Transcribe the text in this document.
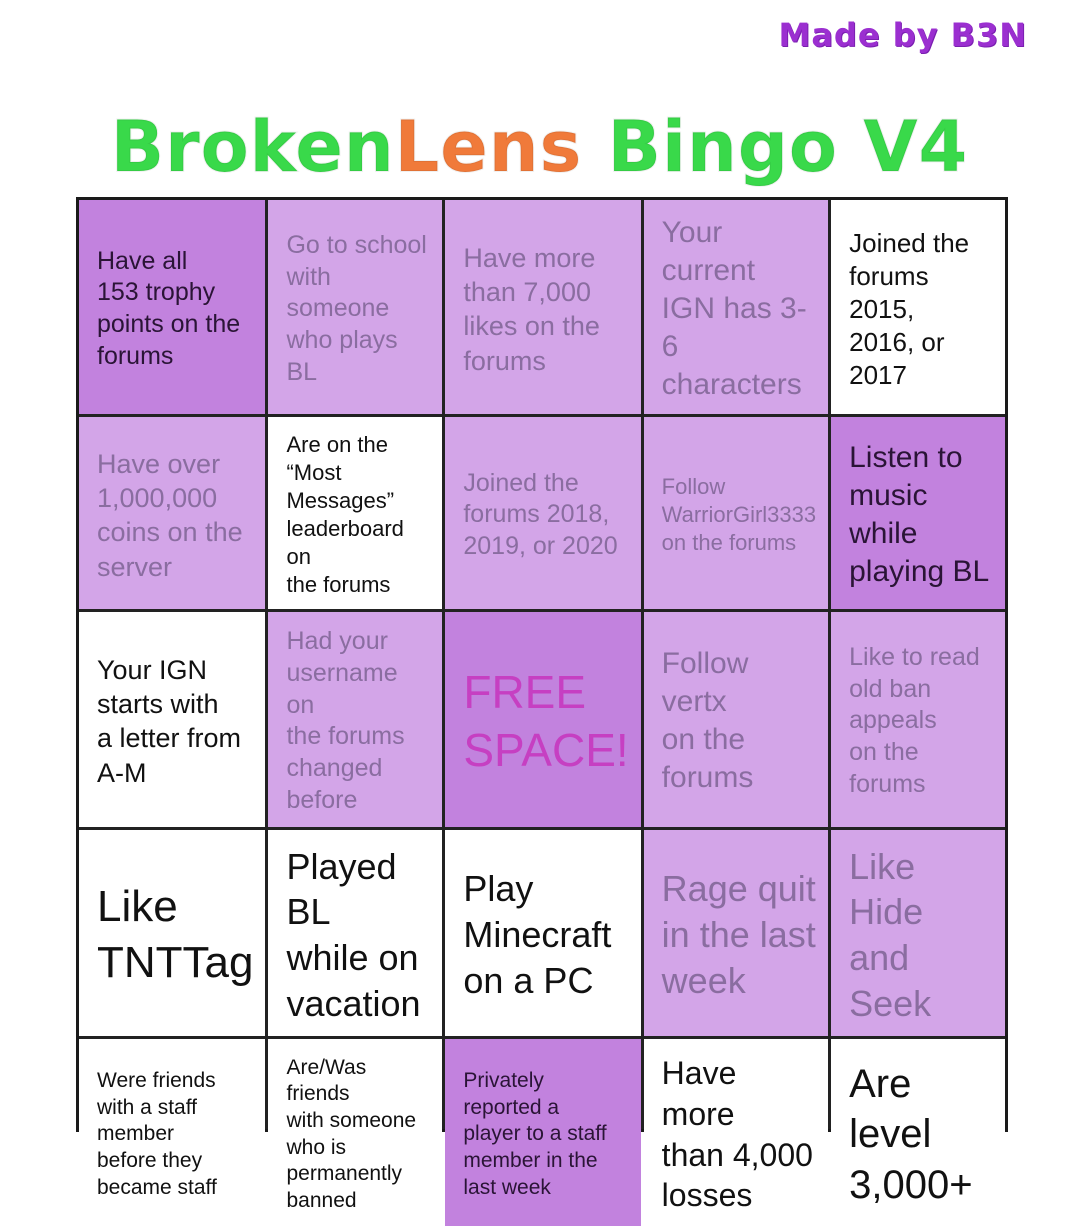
Made by B3N
BrokenLens Bingo V4
Have all
153 trophy
points on the
forums
Go to school
with someone
who plays BL
Have more
than 7,000
likes on the
forums
Your current
IGN has 3-6
characters
Joined the
forums 2015,
2016, or 2017
Have over
1,000,000
coins on the
server
Are on the
“Most Messages”
leaderboard on
the forums
Joined the
forums 2018,
2019, or 2020
Follow
WarriorGirl3333
on the forums
Listen to
music while
playing BL
Your IGN
starts with
a letter from
A-M
Had your
username on
the forums
changed before
FREE
SPACE!
Follow vertx
on the
forums
Like to read
old ban
appeals
on the forums
Like
TNTTag
Played BL
while on
vacation
Play
Minecraft
on a PC
Rage quit
in the last
week
Like
Hide and
Seek
Were friends
with a staff
member
before they
became staff
Are/Was friends
with someone
who is
permanently
banned
Privately
reported a
player to a staff
member in the
last week
Have more
than 4,000
losses
Are level
3,000+
